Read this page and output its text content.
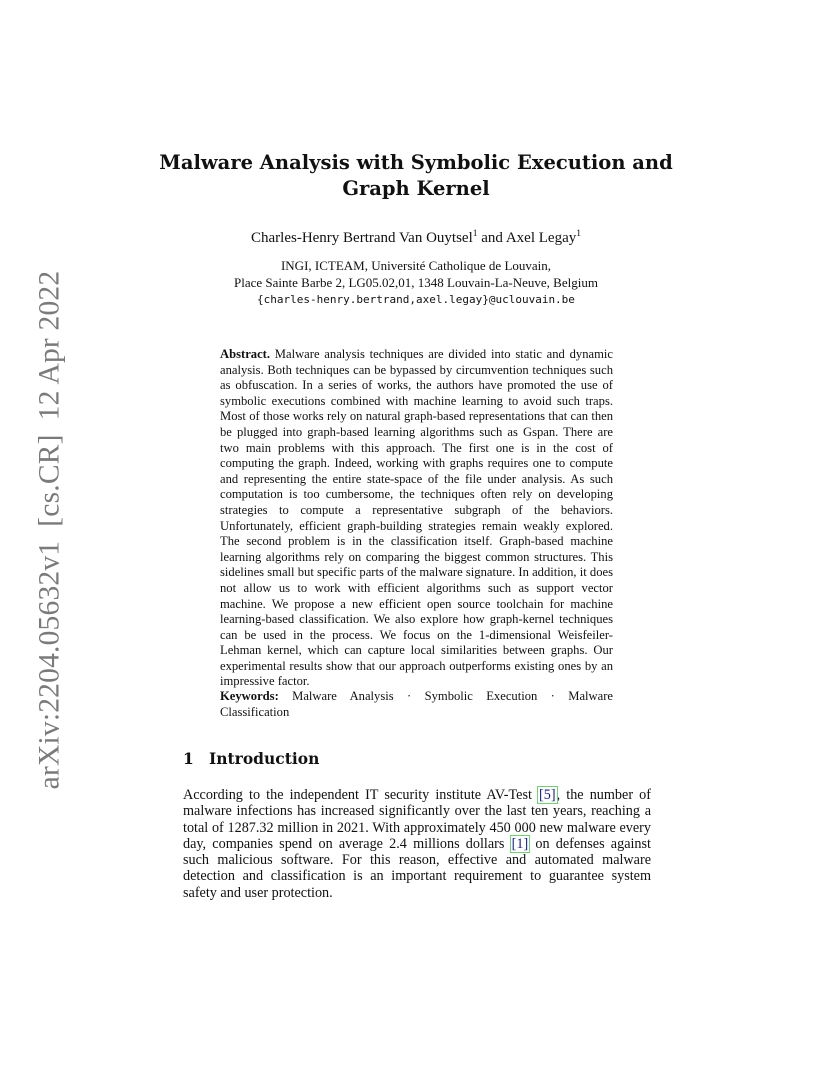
arXiv:2204.05632v1[cs.CR]12 Apr 2022
Malware Analysis with Symbolic Execution and
Graph Kernel
Charles-Henry Bertrand Van Ouytsel$^1$ and Axel Legay$^1$
INGI, ICTEAM, Université Catholique de Louvain,
Place Sainte Barbe 2, LG05.02,01, 1348 Louvain-La-Neuve, Belgium
{charles-henry.bertrand,axel.legay}@uclouvain.be
Abstract. Malware analysis techniques are divided into static and dynamic analysis. Both techniques can be bypassed by circumvention techniques such as obfuscation. In a series of works, the authors have promoted the use of symbolic executions combined with machine learning to avoid such traps. Most of those works rely on natural graph-based representations that can then be plugged into graph-based learning algorithms such as Gspan. There are two main problems with this approach. The first one is in the cost of computing the graph. Indeed, working with graphs requires one to compute and representing the entire state-space of the file under analysis. As such computation is too cumbersome, the techniques often rely on developing strategies to compute a representative subgraph of the behaviors. Unfortunately, efficient graph-building strategies remain weakly explored. The second problem is in the classification itself. Graph-based machine learning algorithms rely on comparing the biggest common structures. This sidelines small but specific parts of the malware signature. In addition, it does not allow us to work with efficient algorithms such as support vector machine. We propose a new efficient open source toolchain for machine learning-based classification. We also explore how graph-kernel techniques can be used in the process. We focus on the 1-dimensional Weisfeiler-Lehman kernel, which can capture local similarities between graphs. Our experimental results show that our approach outperforms existing ones by an impressive factor.
Keywords: Malware Analysis · Symbolic Execution · Malware Classification
1 Introduction
According to the independent IT security institute AV-Test [5], the number of malware infections has increased significantly over the last ten years, reaching a total of 1287.32 million in 2021. With approximately 450 000 new malware every day, companies spend on average 2.4 millions dollars [1] on defenses against such malicious software. For this reason, effective and automated malware detection and classification is an important requirement to guarantee system safety and user protection.
